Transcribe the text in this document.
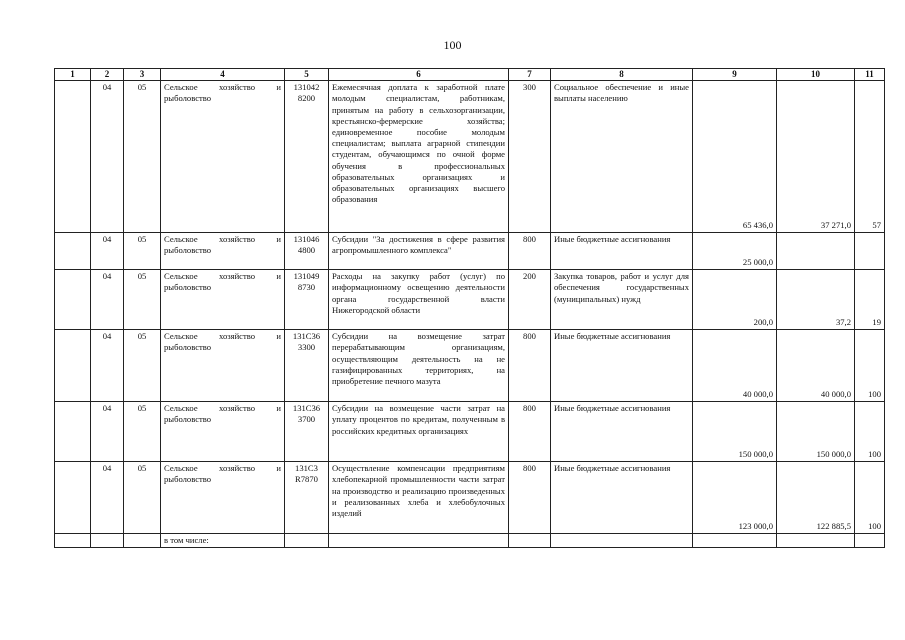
100
1	2	3	4	5	6	7	8	9	10	11
	04	05	Сельское хозяйство и рыболовство	131042 8200	Ежемесячная доплата к заработной плате молодым специалистам, работникам, принятым на работу в сельхозорганизации, крестьянско-фермерские хозяйства; единовременное пособие молодым специалистам; выплата аграрной стипендии студентам, обучающимся по очной форме обучения в профессиональных образовательных организациях и образовательных организациях высшего образования	300	Социальное обеспечение и иные выплаты населению	65 436,0	37 271,0	57
	04	05	Сельское хозяйство и рыболовство	131046 4800	Субсидии "За достижения в сфере развития агропромышленного комплекса"	800	Иные бюджетные ассигнования	25 000,0		
	04	05	Сельское хозяйство и рыболовство	131049 8730	Расходы на закупку работ (услуг) по информационному освещению деятельности органа государственной власти Нижегородской области	200	Закупка товаров, работ и услуг для обеспечения государственных (муниципальных) нужд	200,0	37,2	19
	04	05	Сельское хозяйство и рыболовство	131С36 3300	Субсидии на возмещение затрат перерабатывающим организациям, осуществляющим деятельность на не газифицированных территориях, на приобретение печного мазута	800	Иные бюджетные ассигнования	40 000,0	40 000,0	100
	04	05	Сельское хозяйство и рыболовство	131С36 3700	Субсидии на возмещение части затрат на уплату процентов по кредитам, полученным в российских кредитных организациях	800	Иные бюджетные ассигнования	150 000,0	150 000,0	100
	04	05	Сельское хозяйство и рыболовство	131С3 R7870	Осуществление компенсации предприятиям хлебопекарной промышленности части затрат на производство и реализацию произведенных и реализованных хлеба и хлебобулочных изделий	800	Иные бюджетные ассигнования	123 000,0	122 885,5	100
			в том числе:							
